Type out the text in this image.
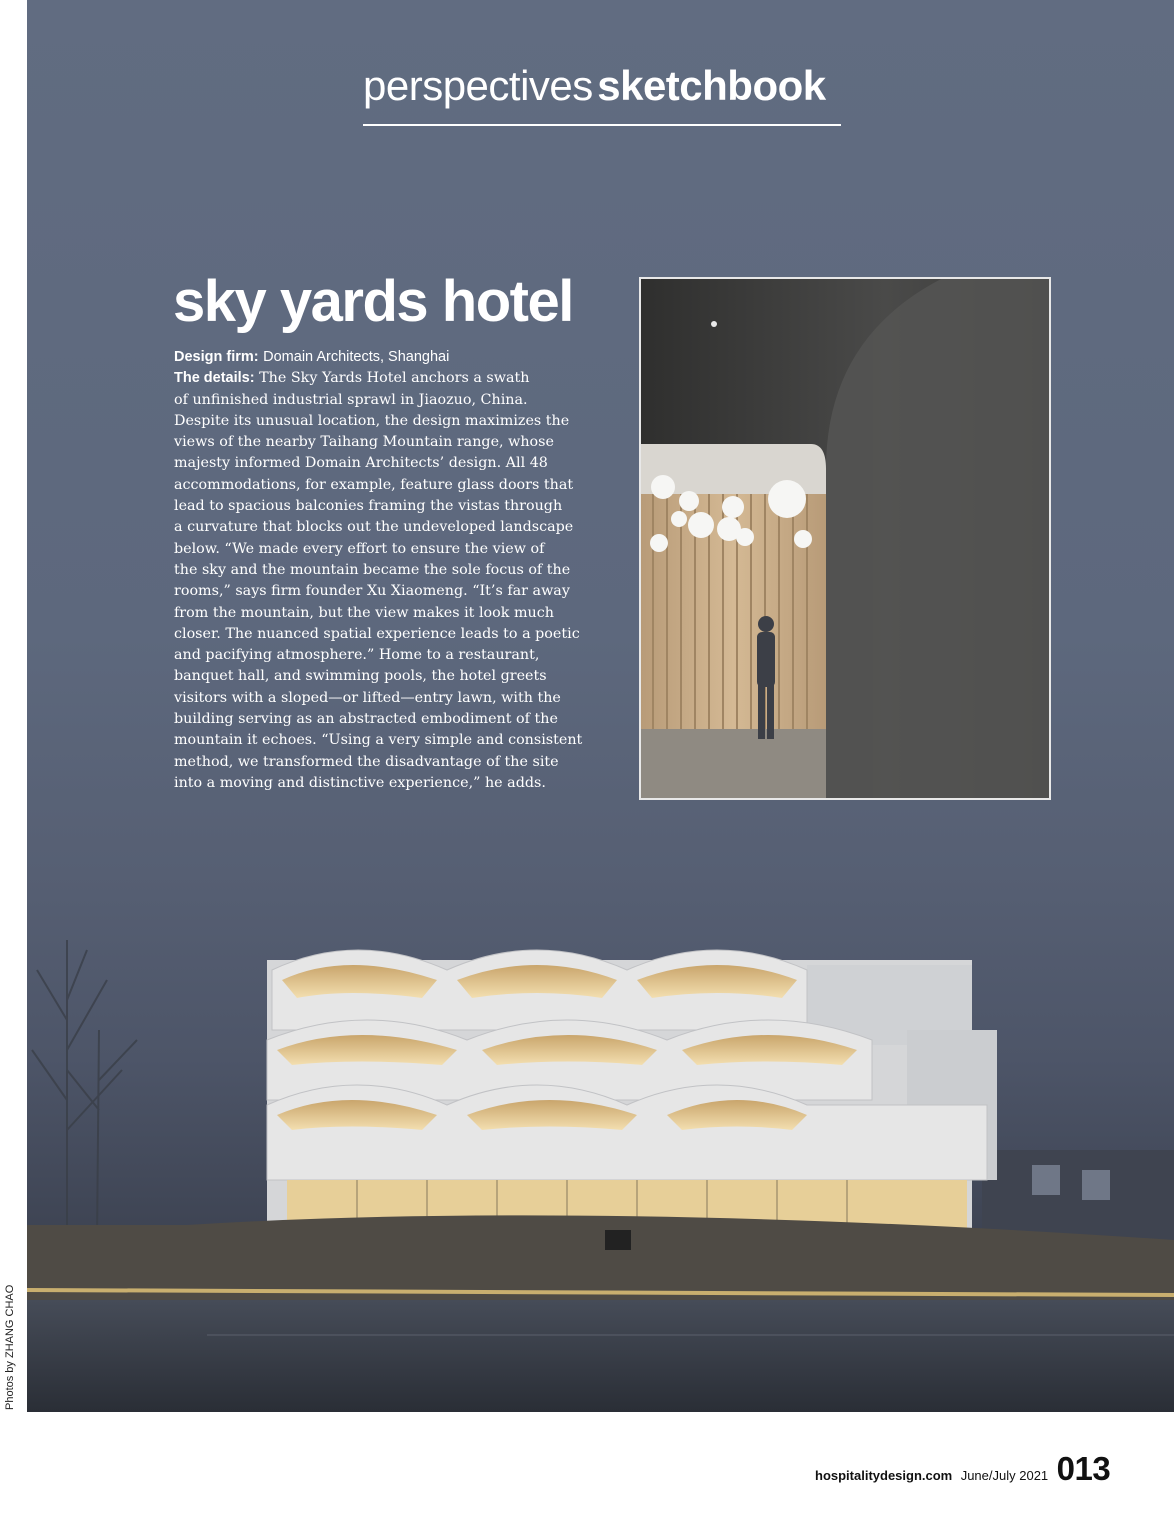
Photos by ZHANG CHAO
perspectives sketchbook
sky yards hotel
Design firm: Domain Architects, Shanghai
The details: The Sky Yards Hotel anchors a swath
of unfinished industrial sprawl in Jiaozuo, China.
Despite its unusual location, the design maximizes the
views of the nearby Taihang Mountain range, whose
majesty informed Domain Architects’ design. All 48
accommodations, for example, feature glass doors that
lead to spacious balconies framing the vistas through
a curvature that blocks out the undeveloped landscape
below. “We made every effort to ensure the view of
the sky and the mountain became the sole focus of the
rooms,” says firm founder Xu Xiaomeng. “It’s far away
from the mountain, but the view makes it look much
closer. The nuanced spatial experience leads to a poetic
and pacifying atmosphere.” Home to a restaurant,
banquet hall, and swimming pools, the hotel greets
visitors with a sloped—or lifted—entry lawn, with the
building serving as an abstracted embodiment of the
mountain it echoes. “Using a very simple and consistent
method, we transformed the disadvantage of the site
into a moving and distinctive experience,” he adds.
hospitalitydesign.com June/July 2021 013
